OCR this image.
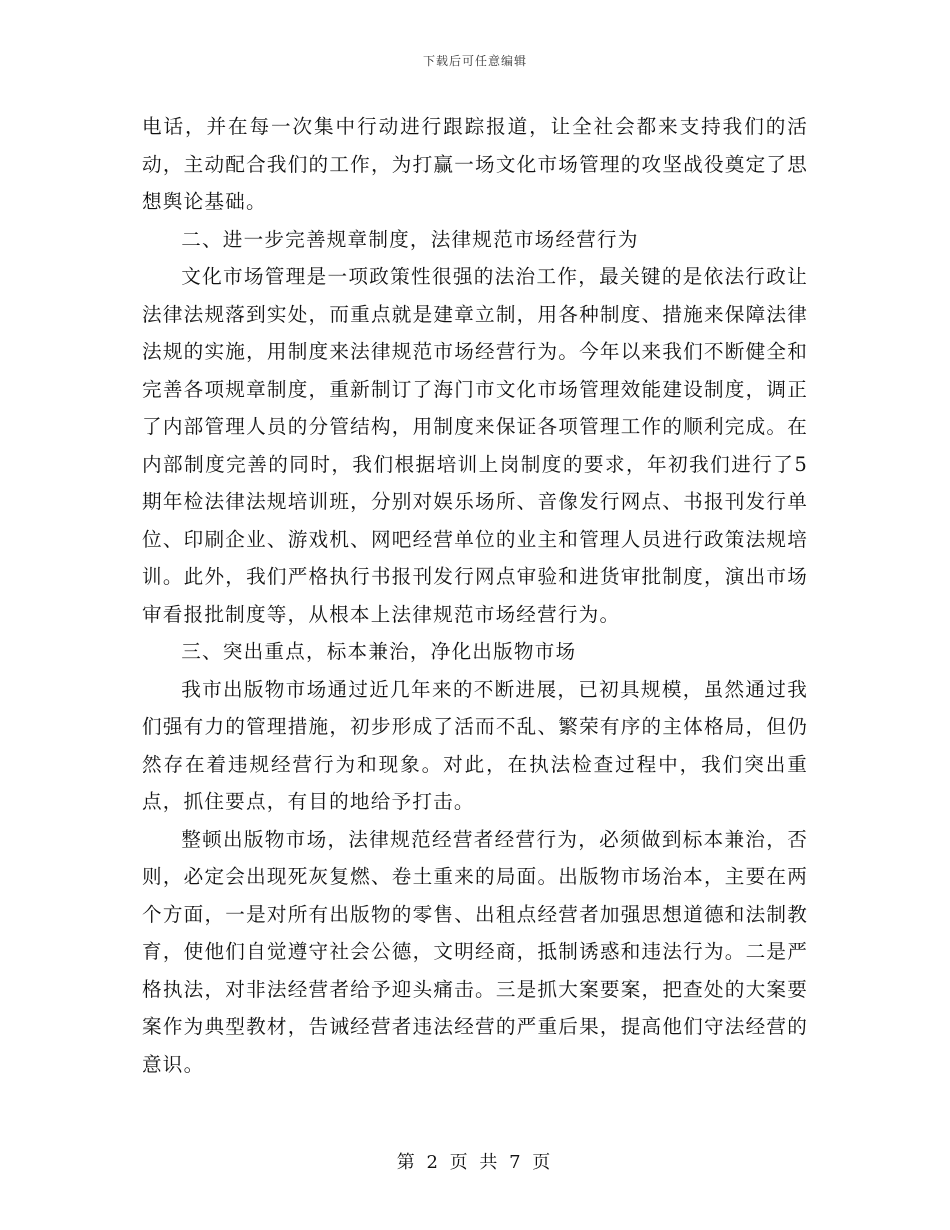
下载后可任意编辑

电话，并在每一次集中行动进行跟踪报道，让全社会都来支持我们的活动，主动配合我们的工作，为打赢一场文化市场管理的攻坚战役奠定了思想舆论基础。

二、进一步完善规章制度，法律规范市场经营行为

文化市场管理是一项政策性很强的法治工作，最关键的是依法行政让法律法规落到实处，而重点就是建章立制，用各种制度、措施来保障法律法规的实施，用制度来法律规范市场经营行为。今年以来我们不断健全和完善各项规章制度，重新制订了海门市文化市场管理效能建设制度，调正了内部管理人员的分管结构，用制度来保证各项管理工作的顺利完成。在内部制度完善的同时，我们根据培训上岗制度的要求，年初我们进行了5期年检法律法规培训班，分别对娱乐场所、音像发行网点、书报刊发行单位、印刷企业、游戏机、网吧经营单位的业主和管理人员进行政策法规培训。此外，我们严格执行书报刊发行网点审验和进货审批制度，演出市场审看报批制度等，从根本上法律规范市场经营行为。

三、突出重点，标本兼治，净化出版物市场

我市出版物市场通过近几年来的不断进展，已初具规模，虽然通过我们强有力的管理措施，初步形成了活而不乱、繁荣有序的主体格局，但仍然存在着违规经营行为和现象。对此，在执法检查过程中，我们突出重点，抓住要点，有目的地给予打击。

整顿出版物市场，法律规范经营者经营行为，必须做到标本兼治，否则，必定会出现死灰复燃、卷土重来的局面。出版物市场治本，主要在两个方面，一是对所有出版物的零售、出租点经营者加强思想道德和法制教育，使他们自觉遵守社会公德，文明经商，抵制诱惑和违法行为。二是严格执法，对非法经营者给予迎头痛击。三是抓大案要案，把查处的大案要案作为典型教材，告诫经营者违法经营的严重后果，提高他们守法经营的意识。

第 2 页 共 7 页
